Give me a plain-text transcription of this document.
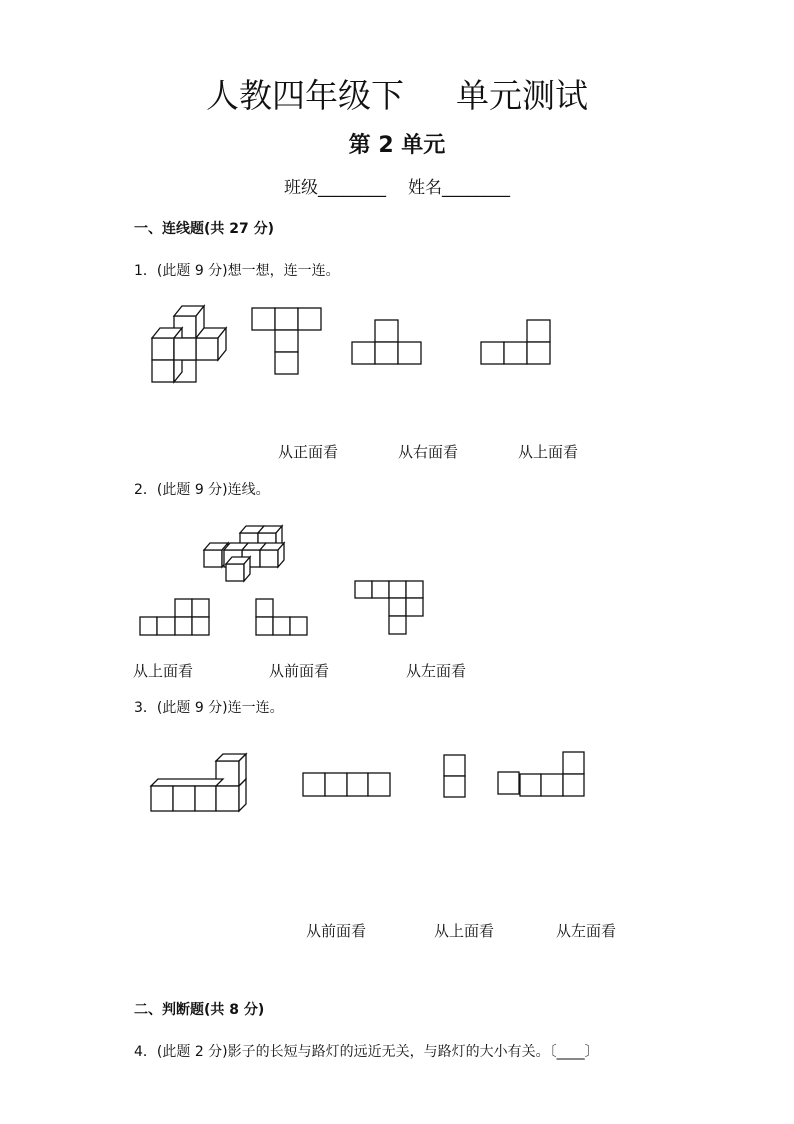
人教四年级下 单元测试
第 2 单元
班级________ 姓名________
一、连线题(共 27 分)
1．(此题 9 分)想一想，连一连。
从正面看	从右面看	从上面看
2．(此题 9 分)连线。
从上面看	从前面看	从左面看
3．(此题 9 分)连一连。
从前面看	从上面看	从左面看
二、判断题(共 8 分)
4．(此题 2 分)影子的长短与路灯的远近无关，与路灯的大小有关。〔____〕
